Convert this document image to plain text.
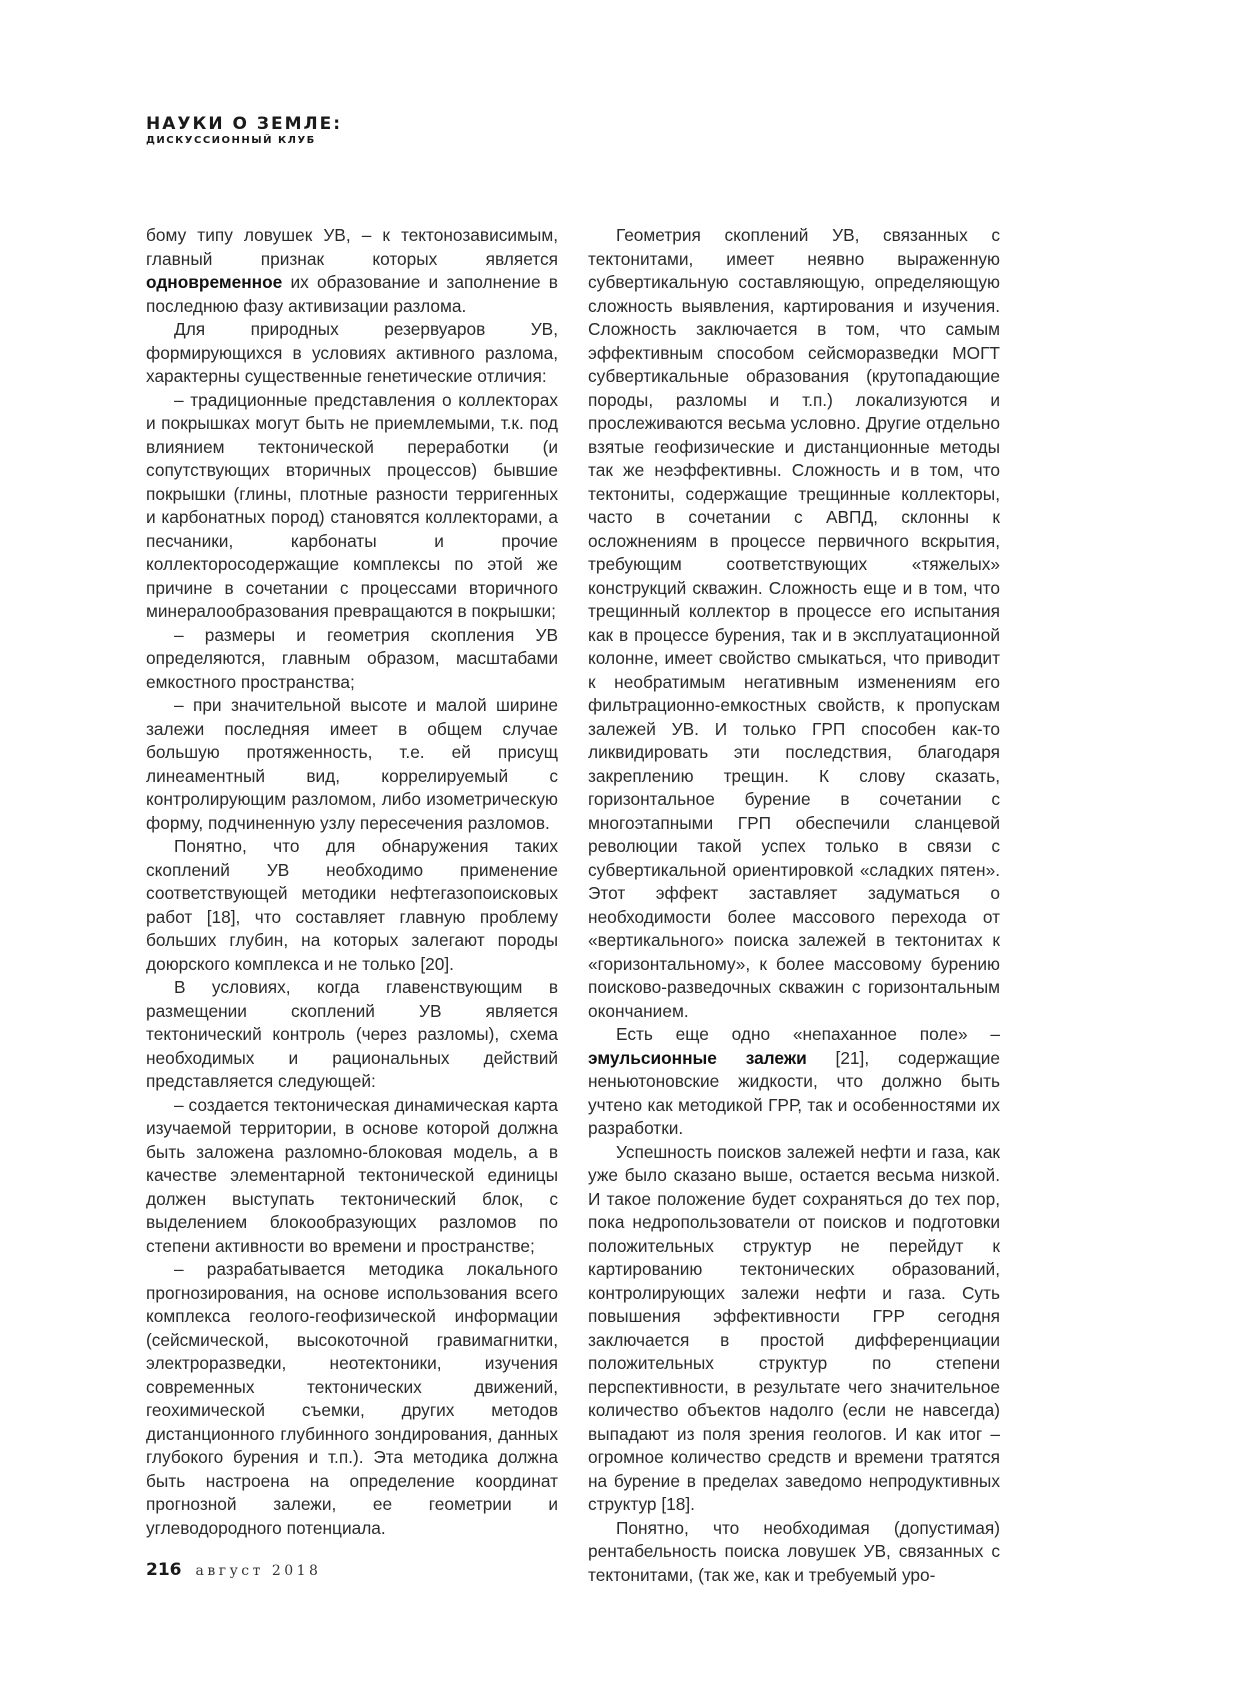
НАУКИ О ЗЕМЛЕ:
ДИСКУССИОННЫЙ КЛУБ

бому типу ловушек УВ, – к тектонозависимым, главный признак которых является одновременное их образование и заполнение в последнюю фазу активизации разлома.

Для природных резервуаров УВ, формирующихся в условиях активного разлома, характерны существенные генетические отличия:

– традиционные представления о коллекторах и покрышках могут быть не приемлемыми, т.к. под влиянием тектонической переработки (и сопутствующих вторичных процессов) бывшие покрышки (глины, плотные разности терригенных и карбонатных пород) становятся коллекторами, а песчаники, карбонаты и прочие коллекторосодержащие комплексы по этой же причине в сочетании с процессами вторичного минералообразования превращаются в покрышки;

– размеры и геометрия скопления УВ определяются, главным образом, масштабами емкостного пространства;

– при значительной высоте и малой ширине залежи последняя имеет в общем случае большую протяженность, т.е. ей присущ линеаментный вид, коррелируемый с контролирующим разломом, либо изометрическую форму, подчиненную узлу пересечения разломов.

Понятно, что для обнаружения таких скоплений УВ необходимо применение соответствующей методики нефтегазопоисковых работ [18], что составляет главную проблему больших глубин, на которых залегают породы доюрского комплекса и не только [20].

В условиях, когда главенствующим в размещении скоплений УВ является тектонический контроль (через разломы), схема необходимых и рациональных действий представляется следующей:

– создается тектоническая динамическая карта изучаемой территории, в основе которой должна быть заложена разломно-блоковая модель, а в качестве элементарной тектонической единицы должен выступать тектонический блок, с выделением блокообразующих разломов по степени активности во времени и пространстве;

– разрабатывается методика локального прогнозирования, на основе использования всего комплекса геолого-геофизической информации (сейсмической, высокоточной гравимагнитки, электроразведки, неотектоники, изучения современных тектонических движений, геохимической съемки, других методов дистанционного глубинного зондирования, данных глубокого бурения и т.п.). Эта методика должна быть настроена на определение координат прогнозной залежи, ее геометрии и углеводородного потенциала.

Геометрия скоплений УВ, связанных с тектонитами, имеет неявно выраженную субвертикальную составляющую, определяющую сложность выявления, картирования и изучения. Сложность заключается в том, что самым эффективным способом сейсморазведки МОГТ субвертикальные образования (крутопадающие породы, разломы и т.п.) локализуются и прослеживаются весьма условно. Другие отдельно взятые геофизические и дистанционные методы так же неэффективны. Сложность и в том, что тектониты, содержащие трещинные коллекторы, часто в сочетании с АВПД, склонны к осложнениям в процессе первичного вскрытия, требующим соответствующих «тяжелых» конструкций скважин. Сложность еще и в том, что трещинный коллектор в процессе его испытания как в процессе бурения, так и в эксплуатационной колонне, имеет свойство смыкаться, что приводит к необратимым негативным изменениям его фильтрационно-емкостных свойств, к пропускам залежей УВ. И только ГРП способен как-то ликвидировать эти последствия, благодаря закреплению трещин. К слову сказать, горизонтальное бурение в сочетании с многоэтапными ГРП обеспечили сланцевой революции такой успех только в связи с субвертикальной ориентировкой «сладких пятен». Этот эффект заставляет задуматься о необходимости более массового перехода от «вертикального» поиска залежей в тектонитах к «горизонтальному», к более массовому бурению поисково-разведочных скважин с горизонтальным окончанием.

Есть еще одно «непаханное поле» – эмульсионные залежи [21], содержащие неньютоновские жидкости, что должно быть учтено как методикой ГРР, так и особенностями их разработки.

Успешность поисков залежей нефти и газа, как уже было сказано выше, остается весьма низкой. И такое положение будет сохраняться до тех пор, пока недропользователи от поисков и подготовки положительных структур не перейдут к картированию тектонических образований, контролирующих залежи нефти и газа. Суть повышения эффективности ГРР сегодня заключается в простой дифференциации положительных структур по степени перспективности, в результате чего значительное количество объектов надолго (если не навсегда) выпадают из поля зрения геологов. И как итог – огромное количество средств и времени тратятся на бурение в пределах заведомо непродуктивных структур [18].

Понятно, что необходимая (допустимая) рентабельность поиска ловушек УВ, связанных с тектонитами, (так же, как и требуемый уро-

216 август 2018
